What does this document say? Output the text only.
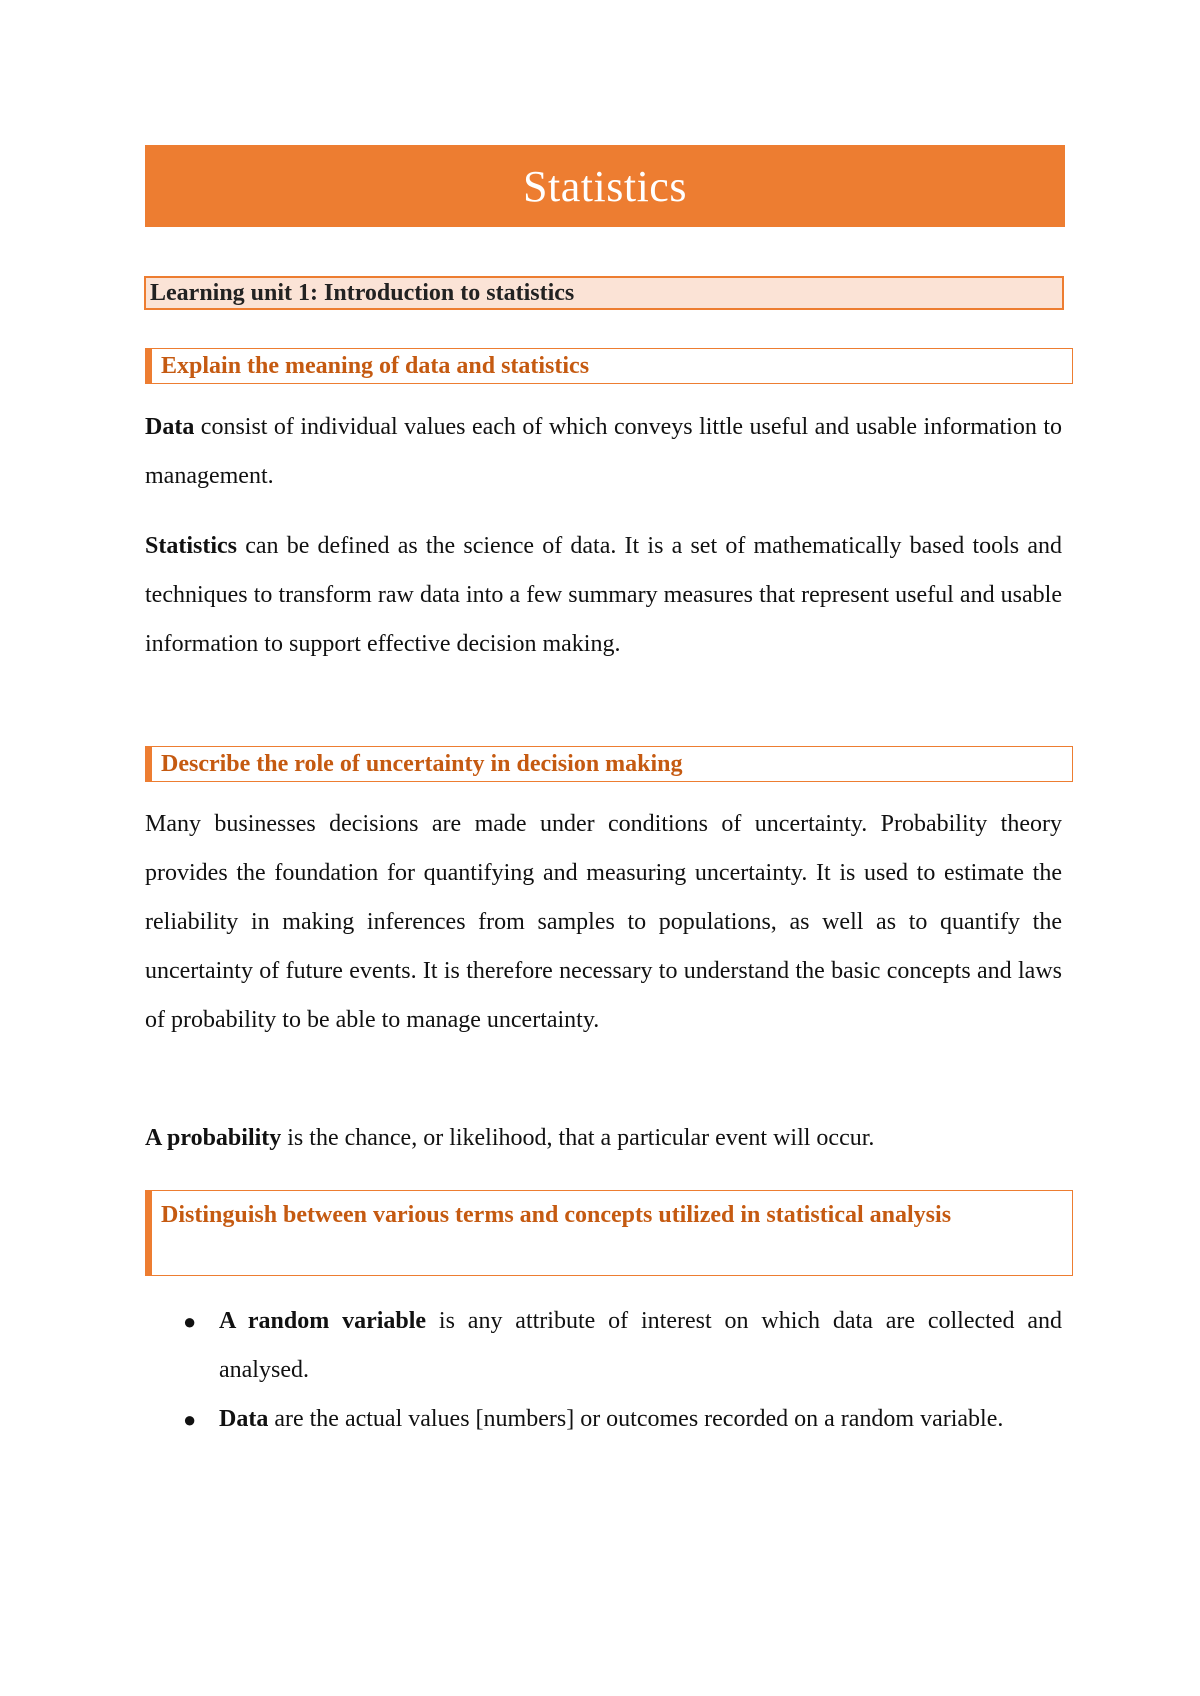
Statistics
Learning unit 1: Introduction to statistics
Explain the meaning of data and statistics

Data consist of individual values each of which conveys little useful and usable information to management.

Statistics can be defined as the science of data. It is a set of mathematically based tools and techniques to transform raw data into a few summary measures that represent useful and usable information to support effective decision making.

Describe the role of uncertainty in decision making

Many businesses decisions are made under conditions of uncertainty. Probability theory provides the foundation for quantifying and measuring uncertainty. It is used to estimate the reliability in making inferences from samples to populations, as well as to quantify the uncertainty of future events. It is therefore necessary to understand the basic concepts and laws of probability to be able to manage uncertainty.

A probability is the chance, or likelihood, that a particular event will occur.

Distinguish between various terms and concepts utilized in statistical analysis
● A random variable is any attribute of interest on which data are collected and analysed.
● Data are the actual values [numbers] or outcomes recorded on a random variable.
